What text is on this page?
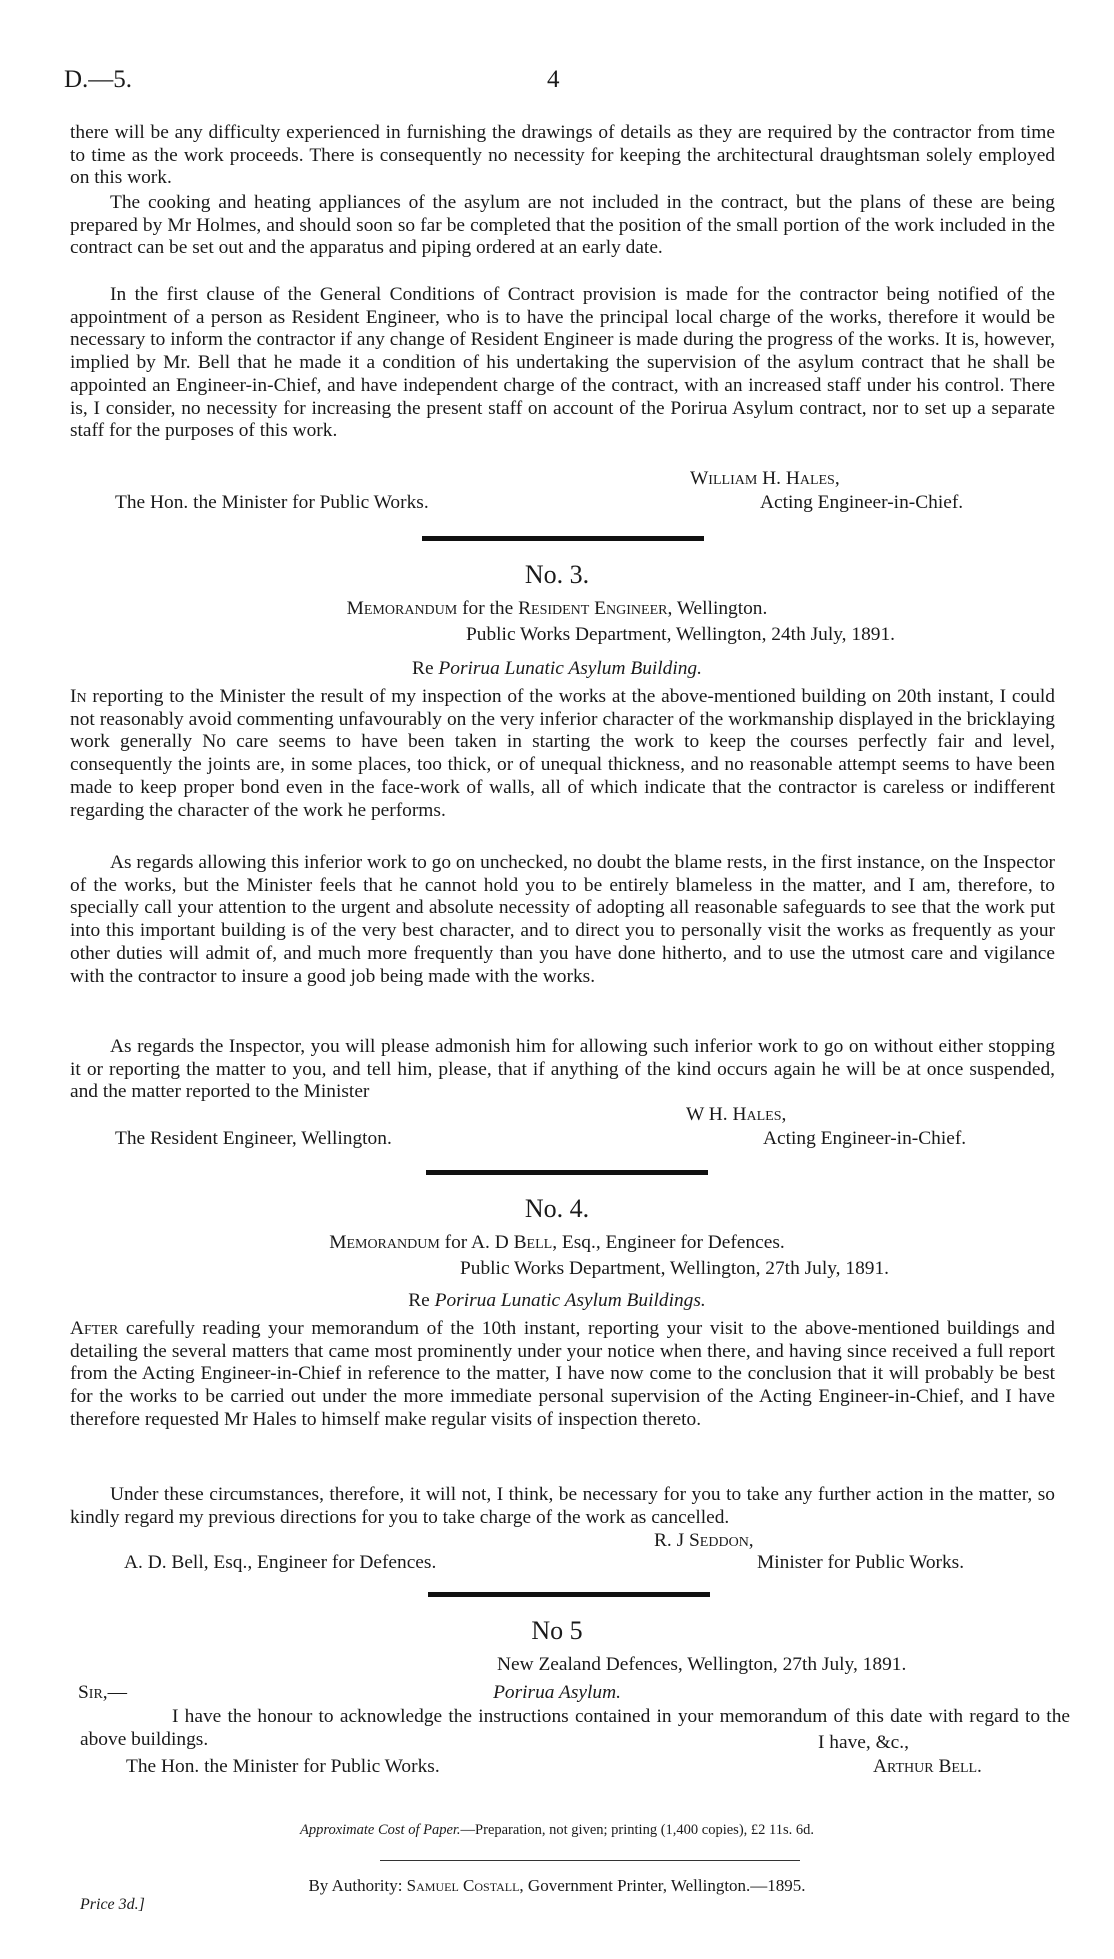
D.—5.	4
there will be any difficulty experienced in furnishing the drawings of details as they are required by the contractor from time to time as the work proceeds. There is consequently no necessity for keeping the architectural draughtsman solely employed on this work.
The cooking and heating appliances of the asylum are not included in the contract, but the plans of these are being prepared by Mr Holmes, and should soon so far be completed that the position of the small portion of the work included in the contract can be set out and the apparatus and piping ordered at an early date.
In the first clause of the General Conditions of Contract provision is made for the contractor being notified of the appointment of a person as Resident Engineer, who is to have the principal local charge of the works, therefore it would be necessary to inform the contractor if any change of Resident Engineer is made during the progress of the works. It is, however, implied by Mr. Bell that he made it a condition of his undertaking the supervision of the asylum contract that he shall be appointed an Engineer-in-Chief, and have independent charge of the contract, with an increased staff under his control. There is, I consider, no necessity for increasing the present staff on account of the Porirua Asylum contract, nor to set up a separate staff for the purposes of this work.
William H. Hales,
The Hon. the Minister for Public Works.	Acting Engineer-in-Chief.
No. 3.
Memorandum for the Resident Engineer, Wellington.
Public Works Department, Wellington, 24th July, 1891.
Re Porirua Lunatic Asylum Building.
In reporting to the Minister the result of my inspection of the works at the above-mentioned building on 20th instant, I could not reasonably avoid commenting unfavourably on the very inferior character of the workmanship displayed in the bricklaying work generally No care seems to have been taken in starting the work to keep the courses perfectly fair and level, consequently the joints are, in some places, too thick, or of unequal thickness, and no reasonable attempt seems to have been made to keep proper bond even in the face-work of walls, all of which indicate that the contractor is careless or indifferent regarding the character of the work he performs.
As regards allowing this inferior work to go on unchecked, no doubt the blame rests, in the first instance, on the Inspector of the works, but the Minister feels that he cannot hold you to be entirely blameless in the matter, and I am, therefore, to specially call your attention to the urgent and absolute necessity of adopting all reasonable safeguards to see that the work put into this important building is of the very best character, and to direct you to personally visit the works as frequently as your other duties will admit of, and much more frequently than you have done hitherto, and to use the utmost care and vigilance with the contractor to insure a good job being made with the works.
As regards the Inspector, you will please admonish him for allowing such inferior work to go on without either stopping it or reporting the matter to you, and tell him, please, that if anything of the kind occurs again he will be at once suspended, and the matter reported to the Minister
W H. Hales,
The Resident Engineer, Wellington.	Acting Engineer-in-Chief.
No. 4.
Memorandum for A. D Bell, Esq., Engineer for Defences.
Public Works Department, Wellington, 27th July, 1891.
Re Porirua Lunatic Asylum Buildings.
After carefully reading your memorandum of the 10th instant, reporting your visit to the above-mentioned buildings and detailing the several matters that came most prominently under your notice when there, and having since received a full report from the Acting Engineer-in-Chief in reference to the matter, I have now come to the conclusion that it will probably be best for the works to be carried out under the more immediate personal supervision of the Acting Engineer-in-Chief, and I have therefore requested Mr Hales to himself make regular visits of inspection thereto.
Under these circumstances, therefore, it will not, I think, be necessary for you to take any further action in the matter, so kindly regard my previous directions for you to take charge of the work as cancelled.
R. J Seddon,
A. D. Bell, Esq., Engineer for Defences.	Minister for Public Works.
No 5
New Zealand Defences, Wellington, 27th July, 1891.
Sir,—	Porirua Asylum.
I have the honour to acknowledge the instructions contained in your memorandum of this date with regard to the above buildings.	I have, &c.,
The Hon. the Minister for Public Works.	Arthur Bell.
Approximate Cost of Paper.—Preparation, not given; printing (1,400 copies), £2 11s. 6d.
By Authority: Samuel Costall, Government Printer, Wellington.—1895.
Price 3d.]
